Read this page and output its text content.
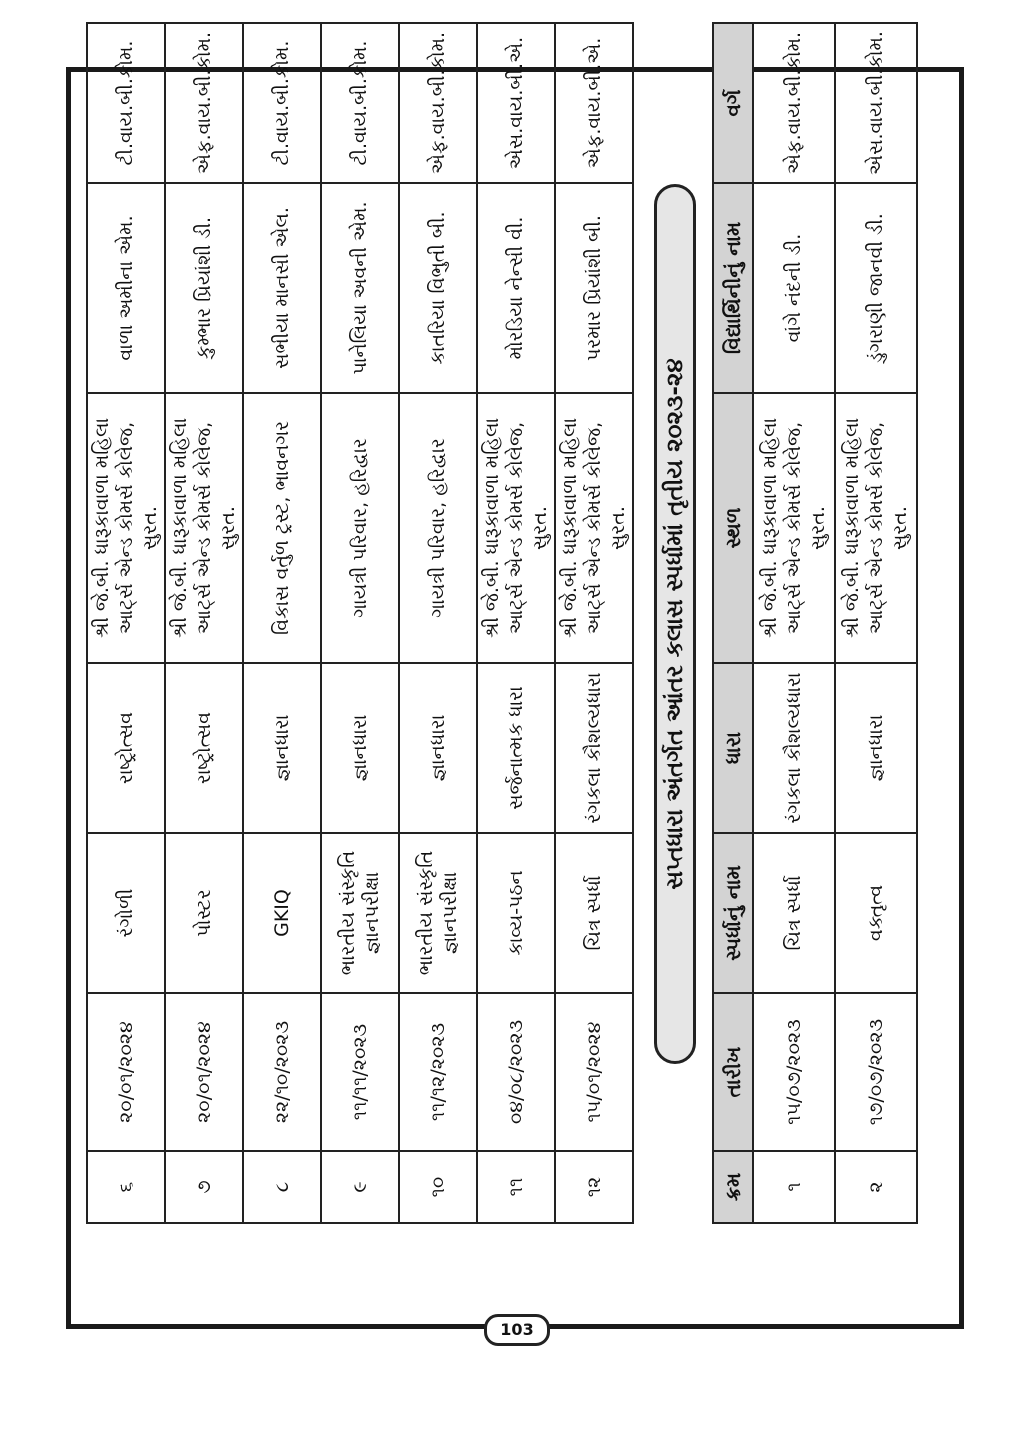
૬	૨૦/૦૧/૨૦૨૪	રંગોળી	રાષ્ટ્રોત્સવ	શ્રી જે.બી. ધારૂકાવાળા મહિલા આર્ટ્સ એન્ડ કોમર્સ કોલેજ, સુરત.	વાળા અમીના એમ.	ટી.વાય.બી.કોમ.
૭	૨૦/૦૧/૨૦૨૪	પોસ્ટર	રાષ્ટ્રોત્સવ	શ્રી જે.બી. ધારૂકાવાળા મહિલા આર્ટ્સ એન્ડ કોમર્સ કોલેજ, સુરત.	કુમ્ભાર પ્રિયાંશી ડી.	એફ.વાય.બી.કોમ.
૮	૨૨/૧૦/૨૦૨૩	GKIQ	જ્ઞાનધારા	વિકાસ વર્તુળ ટ્રસ્ટ, ભાવનગર	સભીયા માનસી એલ.	ટી.વાય.બી.કોમ.
૯	૧૧/૧૧/૨૦૨૩	ભારતીય સંસ્કૃતિ જ્ઞાનપરીક્ષા	જ્ઞાનધારા	ગાયત્રી પરિવાર, હરિદ્વાર	પાનેલિયા અવની એમ.	ટી.વાય.બી.કોમ.
૧૦	૧૧/૧૨/૨૦૨૩	ભારતીય સંસ્કૃતિ જ્ઞાનપરીક્ષા	જ્ઞાનધારા	ગાયત્રી પરિવાર, હરિદ્વાર	કાતરિયા વિભુતી બી.	એફ.વાય.બી.કોમ.
૧૧	૦૪/૦૮/૨૦૨૩	કાવ્ય-પઠન	સર્જનાત્મક ધારા	શ્રી જે.બી. ધારૂકાવાળા મહિલા આર્ટ્સ એન્ડ કોમર્સ કોલેજ, સુરત.	મોરડિયા નેન્સી વી.	એસ.વાય.બી.એ.
૧૨	૧૫/૦૧/૨૦૨૪	ચિત્ર સ્પર્ધા	રંગકલા કૌશલ્યધારા	શ્રી જે.બી. ધારૂકાવાળા મહિલા આર્ટ્સ એન્ડ કોમર્સ કોલેજ, સુરત.	પરમાર પ્રિયાંશી બી.	એફ.વાય.બી.એ.
સપ્તધારા અંતર્ગત આંતર કલાસ સ્પર્ધામાં તૃતીય ૨૦૨૩-૨૪
ક્રમ	તારીખ	સ્પર્ધાનું નામ	ધારા	સ્થળ	વિદ્યાર્થિનીનું નામ	વર્ગ
૧	૧૫/૦૭/૨૦૨૩	ચિત્ર સ્પર્ધા	રંગકલા કૌશલ્યધારા	શ્રી જે.બી. ધારૂકાવાળા મહિલા આર્ટ્સ એન્ડ કોમર્સ કોલેજ, સુરત.	વાંગે નંદની ડી.	એફ.વાય.બી.કોમ.
૨	૧૭/૦૭/૨૦૨૩	વક્તૃત્વ	જ્ઞાનધારા	શ્રી જે.બી. ધારૂકાવાળા મહિલા આર્ટ્સ એન્ડ કોમર્સ કોલેજ, સુરત.	ડુંગરાણી જાનવી ડી.	એસ.વાય.બી.કોમ.
103
